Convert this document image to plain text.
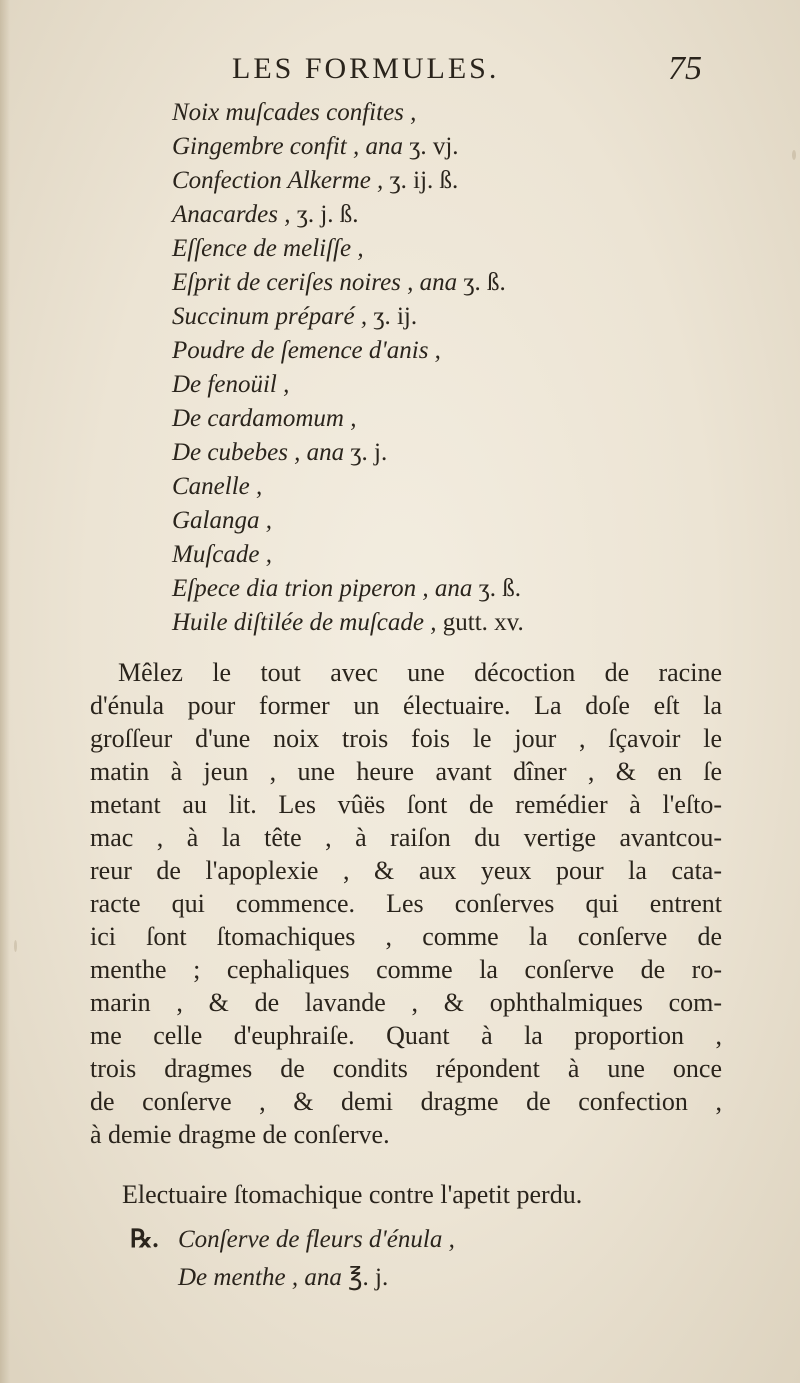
LES FORMULES.	75
Noix muſcades confites ,
Gingembre confit , ana ʒ. vj.
Confection Alkerme , ʒ. ij. ß.
Anacardes , ʒ. j. ß.
Eſſence de meliſſe ,
Eſprit de ceriſes noires , ana ʒ. ß.
Succinum préparé , ʒ. ij.
Poudre de ſemence d'anis ,
De fenoüil ,
De cardamomum ,
De cubebes , ana ʒ. j.
Canelle ,
Galanga ,
Muſcade ,
Eſpece dia trion piperon , ana ʒ. ß.
Huile diſtilée de muſcade , gutt. xv.
Mêlez le tout avec une décoction de racine
d'énula pour former un électuaire. La doſe eſt la
groſſeur d'une noix trois fois le jour , ſçavoir le
matin à jeun , une heure avant dîner , & en ſe
metant au lit. Les vûës ſont de remédier à l'eſto-
mac , à la tête , à raiſon du vertige avantcou-
reur de l'apoplexie , & aux yeux pour la cata-
racte qui commence. Les conſerves qui entrent
ici ſont ſtomachiques , comme la conſerve de
menthe ; cephaliques comme la conſerve de ro-
marin , & de lavande , & ophthalmiques com-
me celle d'euphraiſe. Quant à la proportion ,
trois dragmes de condits répondent à une once
de conſerve , & demi dragme de confection ,
à demie dragme de conſerve.
Electuaire ſtomachique contre l'apetit perdu.
℞. Conſerve de fleurs d'énula ,
De menthe , ana ℥. j.
